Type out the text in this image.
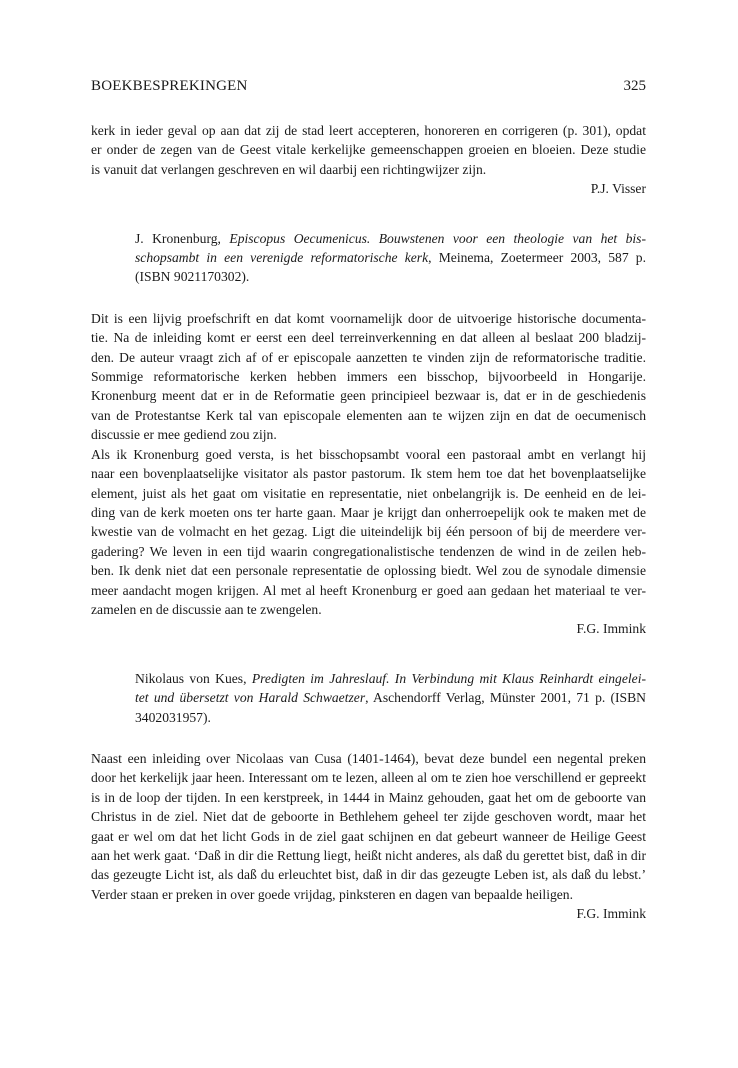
BOEKBESPREKINGEN	325
kerk in ieder geval op aan dat zij de stad leert accepteren, honoreren en corrigeren (p. 301), opdat
er onder de zegen van de Geest vitale kerkelijke gemeenschappen groeien en bloeien. Deze studie
is vanuit dat verlangen geschreven en wil daarbij een richtingwijzer zijn.
P.J. Visser
J. Kronenburg, Episcopus Oecumenicus. Bouwstenen voor een theologie van het bis-
schopsambt in een verenigde reformatorische kerk, Meinema, Zoetermeer 2003, 587 p.
(ISBN 9021170302).
Dit is een lijvig proefschrift en dat komt voornamelijk door de uitvoerige historische documenta-
tie. Na de inleiding komt er eerst een deel terreinverkenning en dat alleen al beslaat 200 bladzij-
den. De auteur vraagt zich af of er episcopale aanzetten te vinden zijn de reformatorische traditie.
Sommige reformatorische kerken hebben immers een bisschop, bijvoorbeeld in Hongarije.
Kronenburg meent dat er in de Reformatie geen principieel bezwaar is, dat er in de geschiedenis
van de Protestantse Kerk tal van episcopale elementen aan te wijzen zijn en dat de oecumenisch
discussie er mee gediend zou zijn.
Als ik Kronenburg goed versta, is het bisschopsambt vooral een pastoraal ambt en verlangt hij
naar een bovenplaatselijke visitator als pastor pastorum. Ik stem hem toe dat het bovenplaatselijke
element, juist als het gaat om visitatie en representatie, niet onbelangrijk is. De eenheid en de lei-
ding van de kerk moeten ons ter harte gaan. Maar je krijgt dan onherroepelijk ook te maken met de
kwestie van de volmacht en het gezag. Ligt die uiteindelijk bij één persoon of bij de meerdere ver-
gadering? We leven in een tijd waarin congregationalistische tendenzen de wind in de zeilen heb-
ben. Ik denk niet dat een personale representatie de oplossing biedt. Wel zou de synodale dimensie
meer aandacht mogen krijgen. Al met al heeft Kronenburg er goed aan gedaan het materiaal te ver-
zamelen en de discussie aan te zwengelen.
F.G. Immink
Nikolaus von Kues, Predigten im Jahreslauf. In Verbindung mit Klaus Reinhardt eingelei-
tet und übersetzt von Harald Schwaetzer, Aschendorff Verlag, Münster 2001, 71 p. (ISBN
3402031957).
Naast een inleiding over Nicolaas van Cusa (1401-1464), bevat deze bundel een negental preken
door het kerkelijk jaar heen. Interessant om te lezen, alleen al om te zien hoe verschillend er gepreekt
is in de loop der tijden. In een kerstpreek, in 1444 in Mainz gehouden, gaat het om de geboorte van
Christus in de ziel. Niet dat de geboorte in Bethlehem geheel ter zijde geschoven wordt, maar het
gaat er wel om dat het licht Gods in de ziel gaat schijnen en dat gebeurt wanneer de Heilige Geest
aan het werk gaat. ‘Daß in dir die Rettung liegt, heißt nicht anderes, als daß du gerettet bist, daß in dir
das gezeugte Licht ist, als daß du erleuchtet bist, daß in dir das gezeugte Leben ist, als daß du lebst.’
Verder staan er preken in over goede vrijdag, pinksteren en dagen van bepaalde heiligen.
F.G. Immink
